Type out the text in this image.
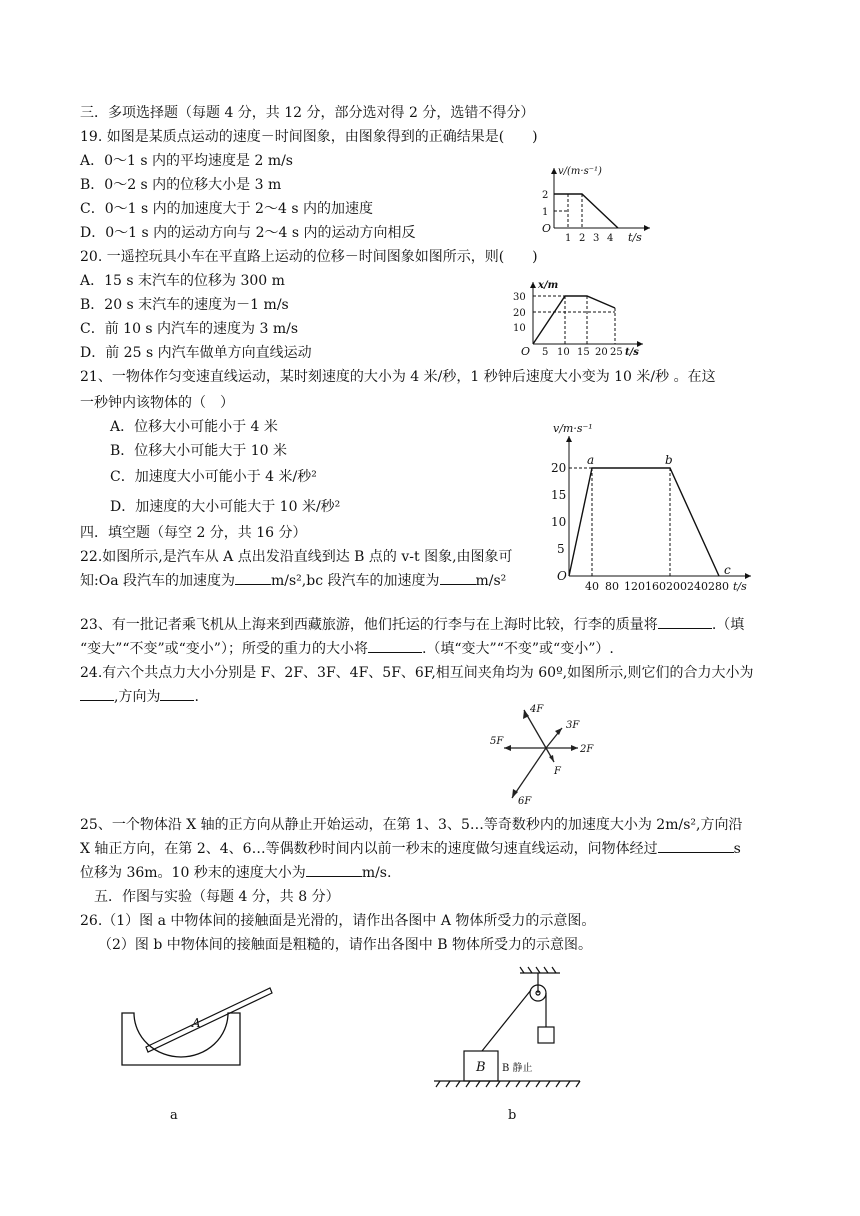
三．多项选择题（每题 4 分，共 12 分，部分选对得 2 分，选错不得分）
19. 如图是某质点运动的速度－时间图象，由图象得到的正确结果是(　　)
A．0～1 s 内的平均速度是 2 m/s
B．0～2 s 内的位移大小是 3 m
C．0～1 s 内的加速度大于 2～4 s 内的加速度
D．0～1 s 内的运动方向与 2～4 s 内的运动方向相反
v/(m·s⁻¹)
2
1
O
1 2 3 4 t/s
20. 一遥控玩具小车在平直路上运动的位移－时间图象如图所示，则(　　)
A．15 s 末汽车的位移为 300 m
B．20 s 末汽车的速度为－1 m/s
C．前 10 s 内汽车的速度为 3 m/s
D．前 25 s 内汽车做单方向直线运动
x/m
30
20
10
O 5 10 15 20 25 t/s
21、一物体作匀变速直线运动，某时刻速度的大小为 4 米/秒，1 秒钟后速度大小变为 10 米/秒 。在这
一秒钟内该物体的（　）
A．位移大小可能小于 4 米
B．位移大小可能大于 10 米
C．加速度大小可能小于 4 米/秒²
D．加速度的大小可能大于 10 米/秒²
四．填空题（每空 2 分，共 16 分）
22.如图所示,是汽车从 A 点出发沿直线到达 B 点的 v-t 图象,由图象可
知:Oa 段汽车的加速度为	m/s²,bc 段汽车的加速度为	m/s²
v/m·s⁻¹
20
15
10
5
O
a	b
c
40 80 120 160 200 240 280 t/s
23、有一批记者乘飞机从上海来到西藏旅游，他们托运的行李与在上海时比较，行李的质量将	.（填
“变大”“不变”或“变小”）；所受的重力的大小将	.（填“变大”“不变”或“变小”）.
24.有六个共点力大小分别是 F、2F、3F、4F、5F、6F,相互间夹角均为 60º,如图所示,则它们的合力大小为
,方向为 .
4F
3F
5F
2F
F
6F
25、一个物体沿 X 轴的正方向从静止开始运动，在第 1、3、5…等奇数秒内的加速度大小为 2m/s²,方向沿
X 轴正方向，在第 2、4、6…等偶数秒时间内以前一秒末的速度做匀速直线运动，问物体经过	s
位移为 36m。10 秒末的速度大小为	m/s.
五．作图与实验（每题 4 分，共 8 分）
26.（1）图 a 中物体间的接触面是光滑的，请作出各图中 A 物体所受力的示意图。
（2）图 b 中物体间的接触面是粗糙的，请作出各图中 B 物体所受力的示意图。
A
B B 静止
a	b
